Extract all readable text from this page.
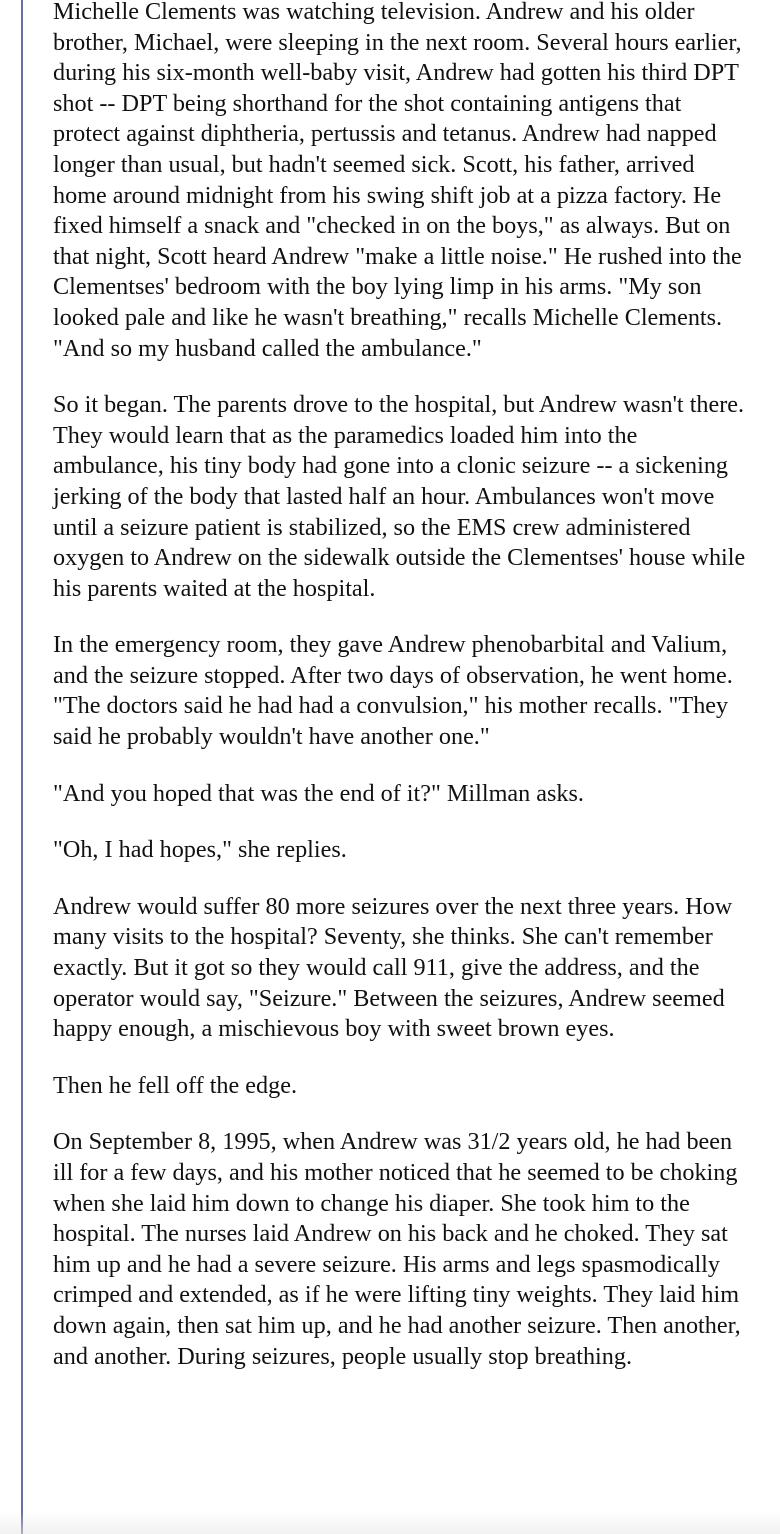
Michelle Clements was watching television. Andrew and his older brother, Michael, were sleeping in the next room. Several hours earlier, during his six-month well-baby visit, Andrew had gotten his third DPT shot -- DPT being shorthand for the shot containing antigens that protect against diphtheria, pertussis and tetanus. Andrew had napped longer than usual, but hadn't seemed sick. Scott, his father, arrived home around midnight from his swing shift job at a pizza factory. He fixed himself a snack and "checked in on the boys," as always. But on that night, Scott heard Andrew "make a little noise." He rushed into the Clementses' bedroom with the boy lying limp in his arms. "My son looked pale and like he wasn't breathing," recalls Michelle Clements. "And so my husband called the ambulance."

So it began. The parents drove to the hospital, but Andrew wasn't there. They would learn that as the paramedics loaded him into the ambulance, his tiny body had gone into a clonic seizure -- a sickening jerking of the body that lasted half an hour. Ambulances won't move until a seizure patient is stabilized, so the EMS crew administered oxygen to Andrew on the sidewalk outside the Clementses' house while his parents waited at the hospital.

In the emergency room, they gave Andrew phenobarbital and Valium, and the seizure stopped. After two days of observation, he went home. "The doctors said he had had a convulsion," his mother recalls. "They said he probably wouldn't have another one."

"And you hoped that was the end of it?" Millman asks.

"Oh, I had hopes," she replies.

Andrew would suffer 80 more seizures over the next three years. How many visits to the hospital? Seventy, she thinks. She can't remember exactly. But it got so they would call 911, give the address, and the operator would say, "Seizure." Between the seizures, Andrew seemed happy enough, a mischievous boy with sweet brown eyes.

Then he fell off the edge.

On September 8, 1995, when Andrew was 31/2 years old, he had been ill for a few days, and his mother noticed that he seemed to be choking when she laid him down to change his diaper. She took him to the hospital. The nurses laid Andrew on his back and he choked. They sat him up and he had a severe seizure. His arms and legs spasmodically crimped and extended, as if he were lifting tiny weights. They laid him down again, then sat him up, and he had another seizure. Then another, and another. During seizures, people usually stop breathing.
